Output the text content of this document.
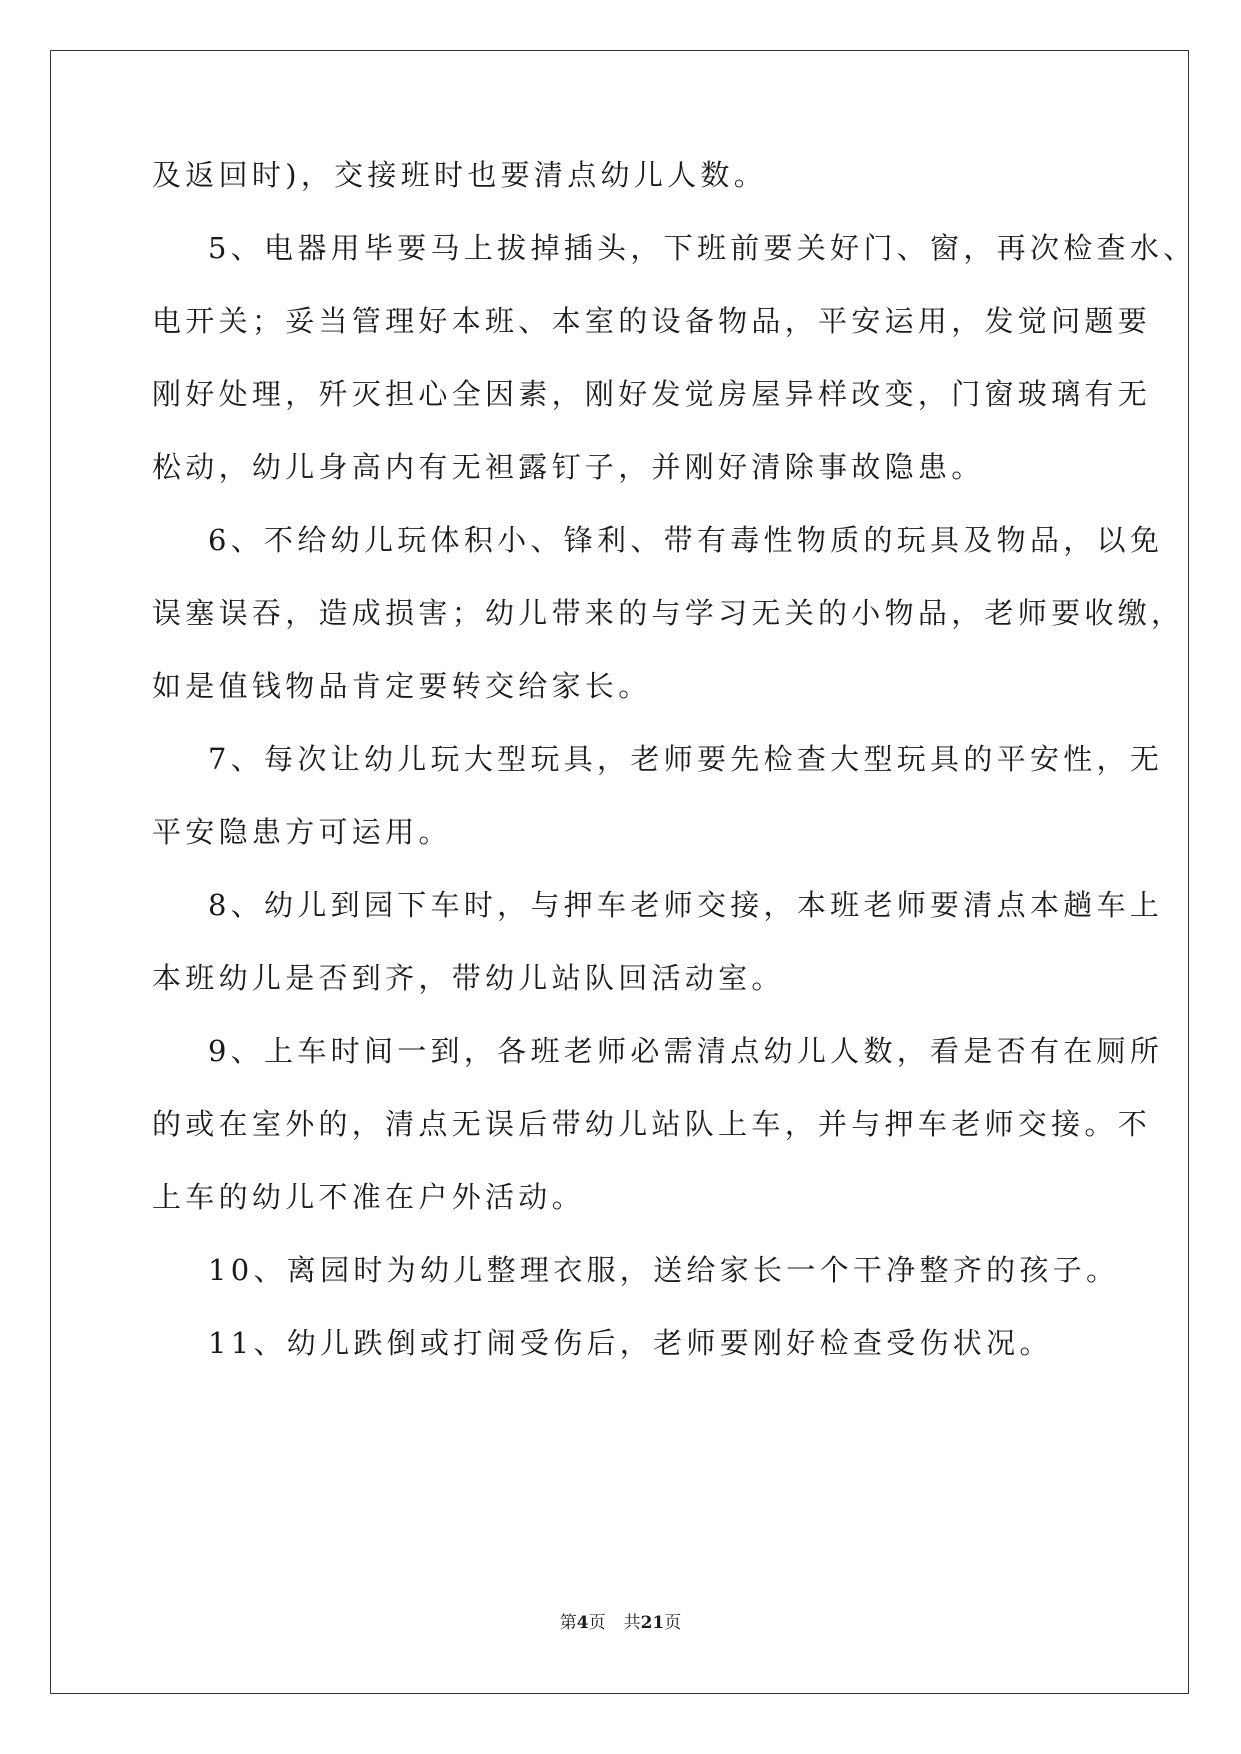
及返回时)，交接班时也要清点幼儿人数。
5、电器用毕要马上拔掉插头，下班前要关好门、窗，再次检查水、
电开关；妥当管理好本班、本室的设备物品，平安运用，发觉问题要
刚好处理，歼灭担心全因素，刚好发觉房屋异样改变，门窗玻璃有无
松动，幼儿身高内有无袒露钉子，并刚好清除事故隐患。
6、不给幼儿玩体积小、锋利、带有毒性物质的玩具及物品，以免
误塞误吞，造成损害；幼儿带来的与学习无关的小物品，老师要收缴，
如是值钱物品肯定要转交给家长。
7、每次让幼儿玩大型玩具，老师要先检查大型玩具的平安性，无
平安隐患方可运用。
8、幼儿到园下车时，与押车老师交接，本班老师要清点本趟车上
本班幼儿是否到齐，带幼儿站队回活动室。
9、上车时间一到，各班老师必需清点幼儿人数，看是否有在厕所
的或在室外的，清点无误后带幼儿站队上车，并与押车老师交接。不
上车的幼儿不准在户外活动。
10、离园时为幼儿整理衣服，送给家长一个干净整齐的孩子。
11、幼儿跌倒或打闹受伤后，老师要刚好检查受伤状况。
第4页 共21页
